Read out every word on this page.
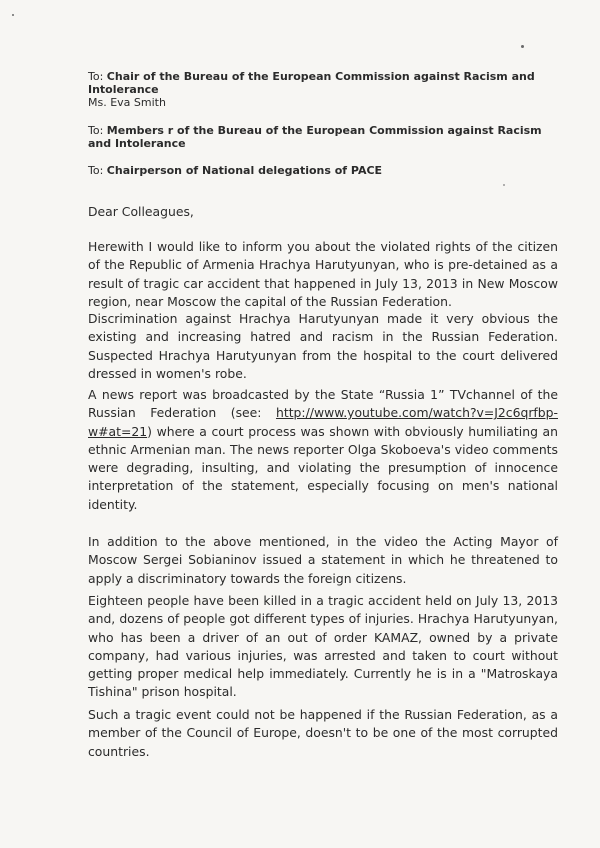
To: Chair of the Bureau of the European Commission against Racism and Intolerance
Ms. Eva Smith
To: Members r of the Bureau of the European Commission against Racism and Intolerance
To: Chairperson of National delegations of PACE
Dear Colleagues,
Herewith I would like to inform you about the violated rights of the citizen of the Republic of Armenia Hrachya Harutyunyan, who is pre-detained as a result of tragic car accident that happened in July 13, 2013 in New Moscow region, near Moscow the capital of the Russian Federation.
Discrimination against Hrachya Harutyunyan made it very obvious the existing and increasing hatred and racism in the Russian Federation. Suspected Hrachya Harutyunyan from the hospital to the court delivered dressed in women's robe.
A news report was broadcasted by the State “Russia 1” TVchannel of the Russian Federation (see: http://www.youtube.com/watch?v=J2c6qrfbp-w#at=21) where a court process was shown with obviously humiliating an ethnic Armenian man. The news reporter Olga Skoboeva's video comments were degrading, insulting, and violating the presumption of innocence interpretation of the statement, especially focusing on men's national identity.
In addition to the above mentioned, in the video the Acting Mayor of Moscow Sergei Sobianinov issued a statement in which he threatened to apply a discriminatory towards the foreign citizens.
Eighteen people have been killed in a tragic accident held on July 13, 2013 and, dozens of people got different types of injuries. Hrachya Harutyunyan, who has been a driver of an out of order KAMAZ, owned by a private company, had various injuries, was arrested and taken to court without getting proper medical help immediately. Currently he is in a "Matroskaya Tishina" prison hospital.
Such a tragic event could not be happened if the Russian Federation, as a member of the Council of Europe, doesn't to be one of the most corrupted countries.
